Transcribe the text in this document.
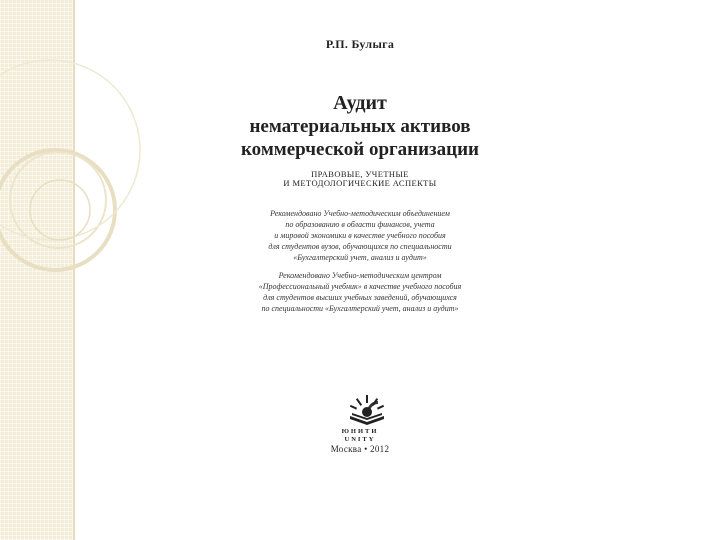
Р.П. Булыга
Аудит
нематериальных активов
коммерческой организации
ПРАВОВЫЕ, УЧЕТНЫЕ
И МЕТОДОЛОГИЧЕСКИЕ АСПЕКТЫ
Рекомендовано Учебно-методическим объединением
по образованию в области финансов, учета
и мировой экономики в качестве учебного пособия
для студентов вузов, обучающихся по специальности
«Бухгалтерский учет, анализ и аудит»
Рекомендовано Учебно-методическим центром
«Профессиональный учебник» в качестве учебного пособия
для студентов высших учебных заведений, обучающихся
по специальности «Бухгалтерский учет, анализ и аудит»
ЮНИТИ
UNITY
Москва • 2012
